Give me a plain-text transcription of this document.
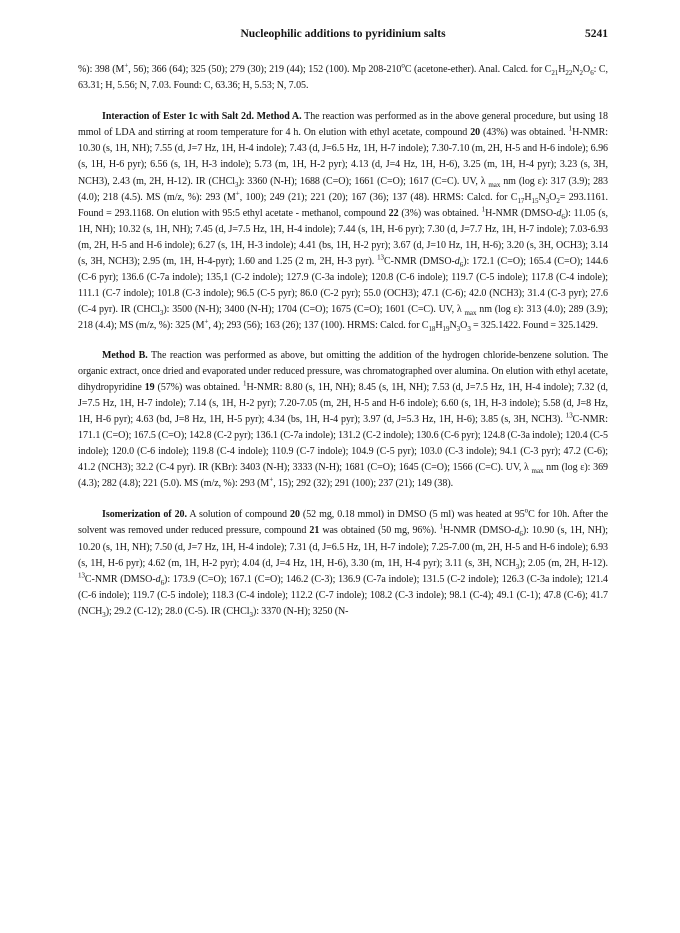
Nucleophilic additions to pyridinium salts	5241

%): 398 (M+, 56); 366 (64); 325 (50); 279 (30); 219 (44); 152 (100). Mp 208-210$^o$C (acetone-ether). Anal. Calcd. for $C_{21}H_{22}N_2O_6$: C, 63.31; H, 5.56; N, 7.03. Found: C, 63.36; H, 5.53; N, 7.05.

Interaction of Ester 1c with Salt 2d. Method A. The reaction was performed as in the above general procedure, but using 18 mmol of LDA and stirring at room temperature for 4 h. On elution with ethyl acetate, compound 20 (43%) was obtained. $^1$H-NMR: 10.30 (s, 1H, NH); 7.55 (d, J=7 Hz, 1H, H-4 indole); 7.43 (d, J=6.5 Hz, 1H, H-7 indole); 7.30-7.10 (m, 2H, H-5 and H-6 indole); 6.96 (s, 1H, H-6 pyr); 6.56 (s, 1H, H-3 indole); 5.73 (m, 1H, H-2 pyr); 4.13 (d, J=4 Hz, 1H, H-6), 3.25 (m, 1H, H-4 pyr); 3.23 (s, 3H, NCH3), 2.43 (m, 2H, H-12). IR (CHCl$_3$): 3360 (N-H); 1688 (C=O); 1661 (C=O); 1617 (C=C). UV, λ $_{max}$ nm (log ε): 317 (3.9); 283 (4.0); 218 (4.5). MS (m/z, %): 293 (M+, 100); 249 (21); 221 (20); 167 (36); 137 (48). HRMS: Calcd. for $C_{17}H_{15}N_3O_2= 293.1161$. Found = 293.1168. On elution with 95:5 ethyl acetate - methanol, compound 22 (3%) was obtained. $^1$H-NMR $(DMSO-d_6)$: 11.05 (s, 1H, NH); 10.32 (s, 1H, NH); 7.45 (d, J=7.5 Hz, 1H, H-4 indole); 7.44 (s, 1H, H-6 pyr); 7.30 (d, J=7.7 Hz, 1H, H-7 indole); 7.03-6.93 (m, 2H, H-5 and H-6 indole); 6.27 (s, 1H, H-3 indole); 4.41 (bs, 1H, H-2 pyr); 3.67 (d, J=10 Hz, 1H, H-6); 3.20 (s, 3H, OCH3); 3.14 (s, 3H, NCH3); 2.95 (m, 1H, H-4-pyr); 1.60 and 1.25 (2 m, 2H, H-3 pyr). $^{13}$C-NMR $(DMSO-d_6)$: 172.1 (C=O); 165.4 (C=O); 144.6 (C-6 pyr); 136.6 (C-7a indole); 135,1 (C-2 indole); 127.9 (C-3a indole); 120.8 (C-6 indole); 119.7 (C-5 indole); 117.8 (C-4 indole); 111.1 (C-7 indole); 101.8 (C-3 indole); 96.5 (C-5 pyr); 86.0 (C-2 pyr); 55.0 (OCH3); 47.1 (C-6); 42.0 (NCH3); 31.4 (C-3 pyr); 27.6 (C-4 pyr). IR (CHCl$_3$): 3500 (N-H); 3400 (N-H); 1704 (C=O); 1675 (C=O); 1601 (C=C). UV, λ $_{max}$ nm (log ε): 313 (4.0); 289 (3.9); 218 (4.4); MS (m/z, %): 325 (M+, 4); 293 (56); 163 (26); 137 (100). HRMS: Calcd. for $C_{18}H_{19}N_3O_3 = 325.1422$. Found = 325.1429.

Method B. The reaction was performed as above, but omitting the addition of the hydrogen chloride-benzene solution. The organic extract, once dried and evaporated under reduced pressure, was chromatographed over alumina. On elution with ethyl acetate, dihydropyridine 19 (57%) was obtained. $^1$H-NMR: 8.80 (s, 1H, NH); 8.45 (s, 1H, NH); 7.53 (d, J=7.5 Hz, 1H, H-4 indole); 7.32 (d, J=7.5 Hz, 1H, H-7 indole); 7.14 (s, 1H, H-2 pyr); 7.20-7.05 (m, 2H, H-5 and H-6 indole); 6.60 (s, 1H, H-3 indole); 5.58 (d, J=8 Hz, 1H, H-6 pyr); 4.63 (bd, J=8 Hz, 1H, H-5 pyr); 4.34 (bs, 1H, H-4 pyr); 3.97 (d, J=5.3 Hz, 1H, H-6); 3.85 (s, 3H, NCH3). $^{13}$C-NMR: 171.1 (C=O); 167.5 (C=O); 142.8 (C-2 pyr); 136.1 (C-7a indole); 131.2 (C-2 indole); 130.6 (C-6 pyr); 124.8 (C-3a indole); 120.4 (C-5 indole); 120.0 (C-6 indole); 119.8 (C-4 indole); 110.9 (C-7 indole); 104.9 (C-5 pyr); 103.0 (C-3 indole); 94.1 (C-3 pyr); 47.2 (C-6); 41.2 (NCH3); 32.2 (C-4 pyr). IR (KBr): 3403 (N-H); 3333 (N-H); 1681 (C=O); 1645 (C=O); 1566 (C=C). UV, λ $_{max}$ nm (log ε): 369 (4.3); 282 (4.8); 221 (5.0). MS (m/z, %): 293 (M+, 15); 292 (32); 291 (100); 237 (21); 149 (38).

Isomerization of 20. A solution of compound 20 (52 mg, 0.18 mmol) in DMSO (5 ml) was heated at 95$^o$C for 10h. After the solvent was removed under reduced pressure, compound 21 was obtained (50 mg, 96%). $^1$H-NMR $(DMSO-d_6)$: 10.90 (s, 1H, NH); 10.20 (s, 1H, NH); 7.50 (d, J=7 Hz, 1H, H-4 indole); 7.31 (d, J=6.5 Hz, 1H, H-7 indole); 7.25-7.00 (m, 2H, H-5 and H-6 indole); 6.93 (s, 1H, H-6 pyr); 4.62 (m, 1H, H-2 pyr); 4.04 (d, J=4 Hz, 1H, H-6), 3.30 (m, 1H, H-4 pyr); 3.11 (s, 3H, $NCH_3$); 2.05 (m, 2H, H-12). $^{13}$C-NMR $(DMSO-d_6)$: 173.9 (C=O); 167.1 (C=O); 146.2 (C-3); 136.9 (C-7a indole); 131.5 (C-2 indole); 126.3 (C-3a indole); 121.4 (C-6 indole); 119.7 (C-5 indole); 118.3 (C-4 indole); 112.2 (C-7 indole); 108.2 (C-3 indole); 98.1 (C-4); 49.1 (C-1); 47.8 (C-6); 41.7 $(NCH_3)$; 29.2 (C-12); 28.0 (C-5). IR (CHCl$_3$): 3370 (N-H); 3250 (N-
